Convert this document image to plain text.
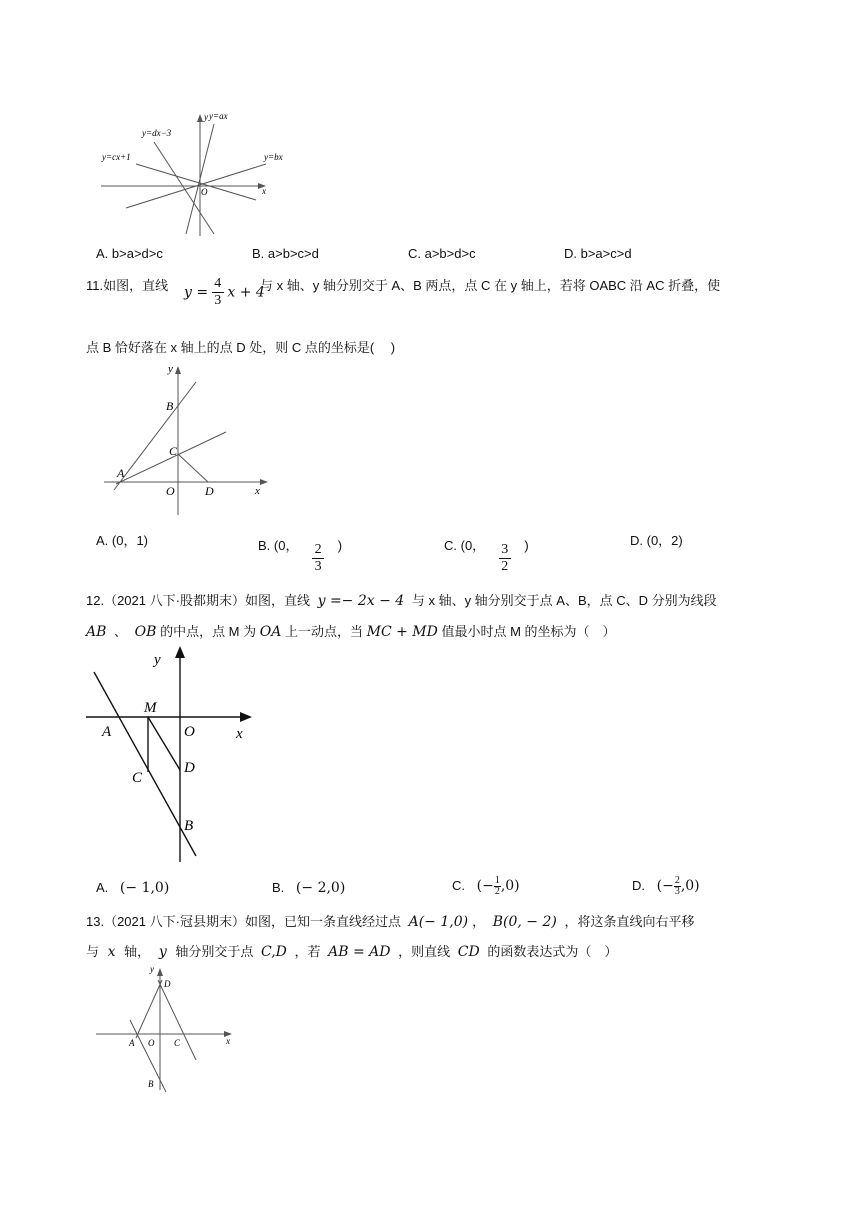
y y=ax
y=dx−3
y=cx+1	y=bx
O	x
A. b>a>d>c	B. a>b>c>d	C. a>b>d>c	D. b>a>c>d
11.如图，直线 $y = \frac{4}{3}$ x + 4
与 x 轴、y 轴分别交于 A、B 两点，点 C 在 y 轴上，若将 OABC 沿 AC 折叠，使
点 B 恰好落在 x 轴上的点 D 处，则 C 点的坐标是(　 )
y
B
C
A
O	D	x
A. (0，1)	B. (0， $\frac{2}{3}$ )	C. (0， $\frac{3}{2}$ )	D. (0，2)
12.（2021 八下·股都期末）如图，直线 y =− 2x − 4 与 x 轴、y 轴分别交于点 A、B，点 C、D 分别为线段
AB 、 OB 的中点，点 M 为 OA 上一动点，当 MC + MD 值最小时点 M 的坐标为（　）
y
M
A	O	x
D
C
B
A. (− 1,0)	B. (− 2,0)	C. (− $\frac{1}{2} ,0$)	D. (− $\frac{2}{3} ,0$)
13.（2021 八下·冠县期末）如图，已知一条直线经过点 A(− 1,0) ， B(0, − 2) ，将这条直线向右平移
与 x 轴， y 轴分别交于点 C,D ，若 AB = AD ，则直线 CD 的函数表达式为（　）
y
D
A O C	x
B
